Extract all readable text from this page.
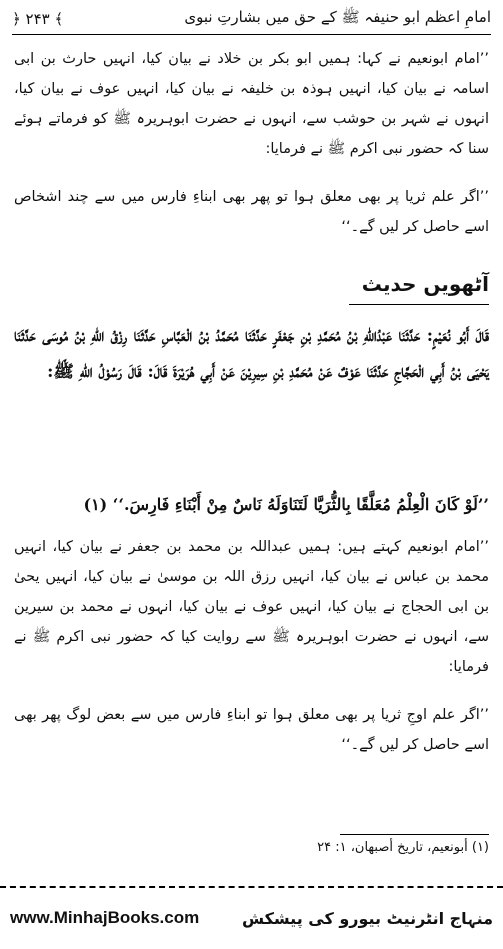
امامِ اعظم ابو حنیفہ ﷺ کے حق میں بشارتِ نبوی
﴿ ۲۴۳ ﴾
’’امام ابونعیم نے کہا: ہمیں ابو بکر بن خلاد نے بیان کیا، انہیں حارث بن ابی اسامہ نے بیان کیا، انہیں ہوذہ بن خلیفہ نے بیان کیا، انہیں عوف نے بیان کیا، انہوں نے شہر بن حوشب سے، انہوں نے حضرت ابوہریرہ ﷺ کو فرماتے ہوئے سنا کہ حضور نبی اکرم ﷺ نے فرمایا:
’’اگر علم ثریا پر بھی معلق ہوا تو پھر بھی ابناءِ فارس میں سے چند اشخاص اسے حاصل کر لیں گے۔‘‘
آٹھویں حدیث
قَالَ أَبُو نُعَيْمٍ: حَدَّثَنَا عَبْدُاللهِ بْنُ مُحَمَّدِ بْنِ جَعْفَرٍ حَدَّثَنَا مُحَمَّدُ بْنُ الْعَبَّاسِ حَدَّثَنَا رِزْقُ اللهِ بْنُ مُوسَى حَدَّثَنَا يَحْيَى بْنُ أَبِي الْحَجَّاجِ حَدَّثَنَا عَوْفٌ عَنْ مُحَمَّدِ بْنِ سِيرِيْنَ عَنْ أَبِي هُرَيْرَةَ قَالَ: قَالَ رَسُوْلُ اللهِ ﷺ:
’’لَوْ كَانَ الْعِلْمُ مُعَلَّقًا بِالثُّرَيَّا لَتَنَاوَلَهُ نَاسٌ مِنْ أَبْنَاءِ فَارِسَ.‘‘ (۱)
’’امام ابونعیم کہتے ہیں: ہمیں عبداللہ بن محمد بن جعفر نے بیان کیا، انہیں محمد بن عباس نے بیان کیا، انہیں رزق اللہ بن موسیٰ نے بیان کیا، انہیں یحیٰ بن ابی الحجاج نے بیان کیا، انہیں عوف نے بیان کیا، انہوں نے محمد بن سیرین سے، انہوں نے حضرت ابوہریرہ ﷺ سے روایت کیا کہ حضور نبی اکرم ﷺ نے فرمایا:
’’اگر علم اوجِ ثریا پر بھی معلق ہوا تو ابناءِ فارس میں سے بعض لوگ پھر بھی اسے حاصل کر لیں گے۔‘‘
(۱) أبونعيم، تاريخ أصبهان، ۱: ۲۴
www.MinhajBooks.com	منہاج انٹرنیٹ بیورو کی پیشکش
